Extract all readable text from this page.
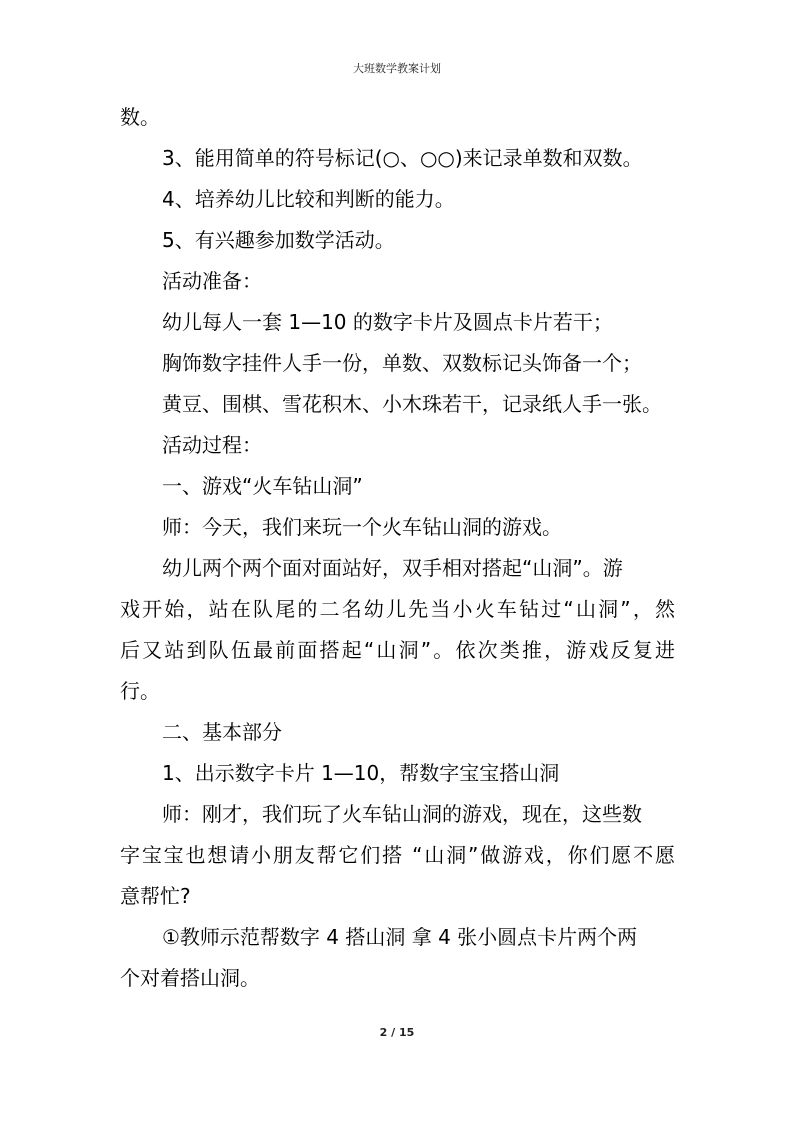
大班数学教案计划
数。
3、能用简单的符号标记(○、○○)来记录单数和双数。
4、培养幼儿比较和判断的能力。
5、有兴趣参加数学活动。
活动准备：
幼儿每人一套 1—10 的数字卡片及圆点卡片若干；
胸饰数字挂件人手一份，单数、双数标记头饰备一个；
黄豆、围棋、雪花积木、小木珠若干，记录纸人手一张。
活动过程：
一、游戏“火车钻山洞”
师：今天，我们来玩一个火车钻山洞的游戏。
幼儿两个两个面对面站好，双手相对搭起“山洞”。游
戏开始，站在队尾的二名幼儿先当小火车钻过“山洞”，然
后又站到队伍最前面搭起“山洞”。依次类推，游戏反复进
行。
二、基本部分
1、出示数字卡片 1—10，帮数字宝宝搭山洞
师：刚才，我们玩了火车钻山洞的游戏，现在，这些数
字宝宝也想请小朋友帮它们搭 “山洞”做游戏，你们愿不愿
意帮忙?
①教师示范帮数字 4 搭山洞 拿 4 张小圆点卡片两个两
个对着搭山洞。
2 / 15
